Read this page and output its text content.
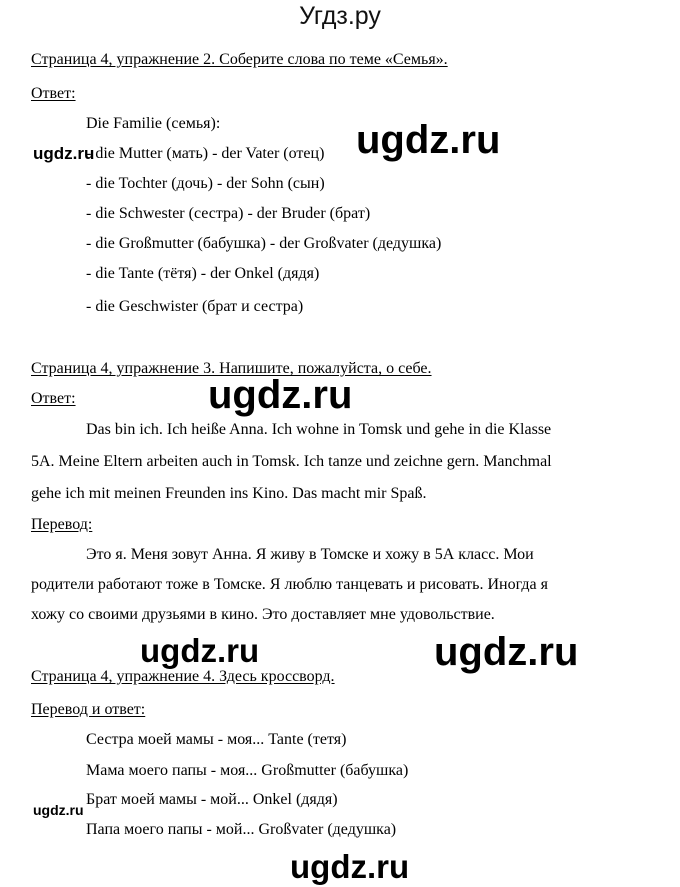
Угдз.ру
Страница 4, упражнение 2. Соберите слова по теме «Семья».
Ответ:
Die Familie (семья):
- die Mutter (мать) - der Vater (отец)
- die Tochter (дочь) - der Sohn (сын)
- die Schwester (сестра) - der Bruder (брат)
- die Großmutter (бабушка) - der Großvater (дедушка)
- die Tante (тётя) - der Onkel (дядя)
- die Geschwister (брат и сестра)
Страница 4, упражнение 3. Напишите, пожалуйста, о себе.
Ответ:
Das bin ich. Ich heiße Anna. Ich wohne in Tomsk und gehe in die Klasse
5A. Meine Eltern arbeiten auch in Tomsk. Ich tanze und zeichne gern. Manchmal
gehe ich mit meinen Freunden ins Kino. Das macht mir Spaß.
Перевод:
Это я. Меня зовут Анна. Я живу в Томске и хожу в 5А класс. Мои
родители работают тоже в Томске. Я люблю танцевать и рисовать. Иногда я
хожу со своими друзьями в кино. Это доставляет мне удовольствие.
Страница 4, упражнение 4. Здесь кроссворд.
Перевод и ответ:
Сестра моей мамы - моя... Tante (тетя)
Мама моего папы - моя... Großmutter (бабушка)
Брат моей мамы - мой... Onkel (дядя)
Папа моего папы - мой... Großvater (дедушка)
ugdz.ru	ugdz.ru
ugdz.ru
ugdz.ru	ugdz.ru
ugdz.ru
ugdz.ru
